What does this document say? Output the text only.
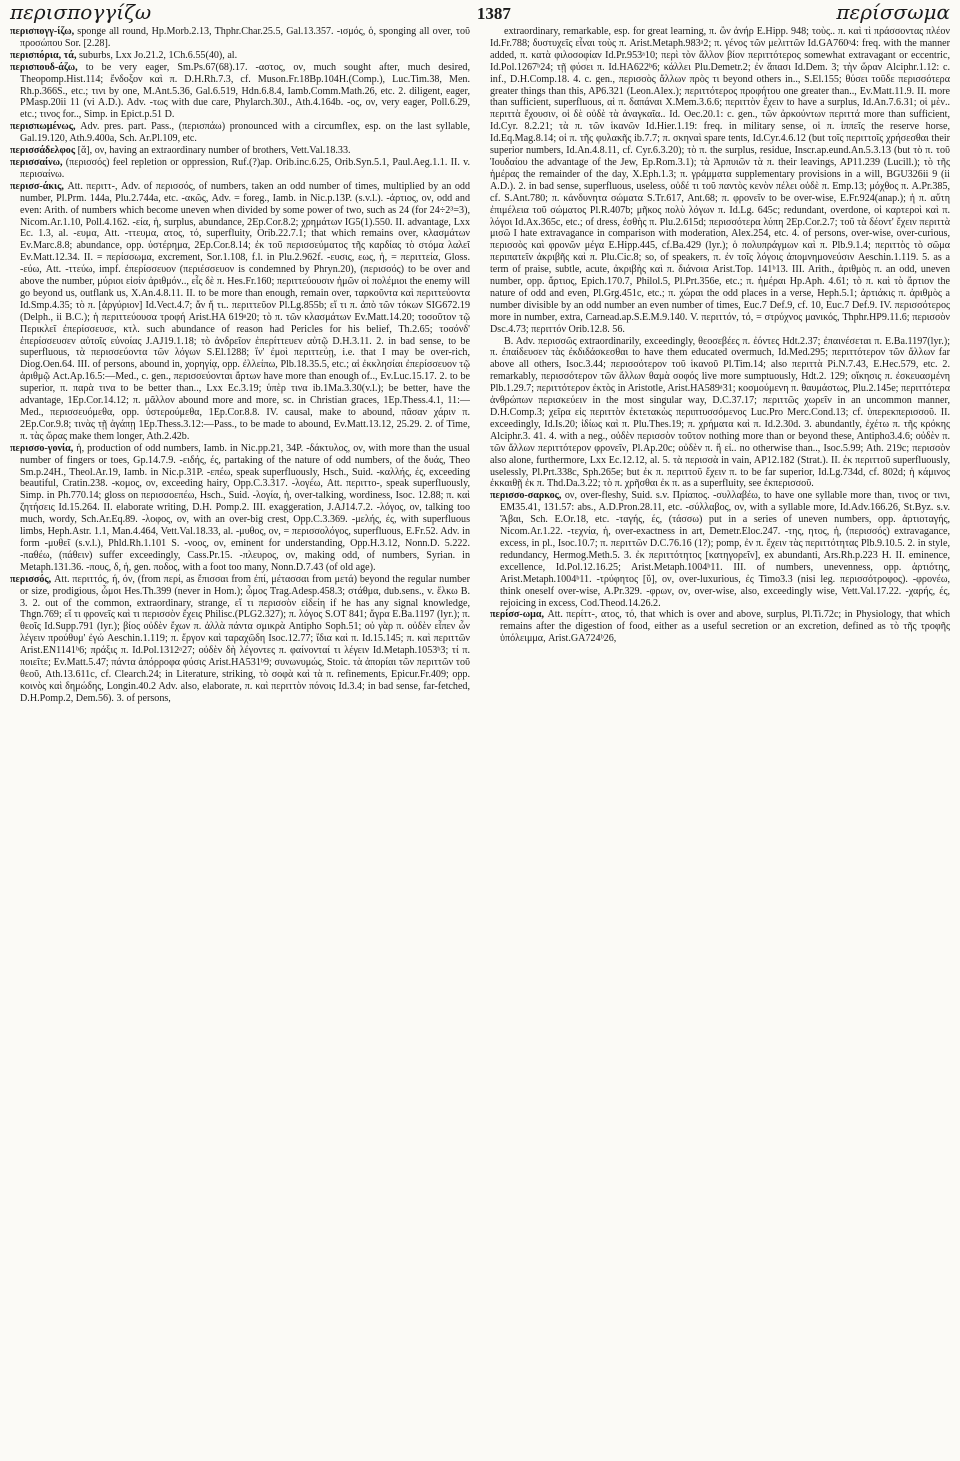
περισπογγίζω	1387	περίσσωμα

περισπογγ-ίζω, sponge all round, Hp.Morb.2.13, Thphr.Char.25.5, Gal.13.357. -ισμός, ὁ, sponging all over, τοῦ προσώπου Sor. [2.28].

περισπόρια, τά, suburbs, Lxx Jo.21.2, 1Ch.6.55(40), al.

περισπουδ-άζω, to be very eager, Sm.Ps.67(68).17. -αστος, ον, much sought after, much desired, Theopomp.Hist.114; ἔνδοξον καὶ π. D.H.Rh.7.3, cf. Muson.Fr.18Bp.104H.(Comp.), Luc.Tim.38, Men. Rh.p.366S., etc.; τινι by one, M.Ant.5.36, Gal.6.519, Hdn.6.8.4, Iamb.Comm.Math.26, etc. 2. diligent, eager, PMasp.20ii 11 (vi A.D.). Adv. -τως with due care, Phylarch.30J., Ath.4.164b. -ος, ον, very eager, Poll.6.29, etc.; τινος for.., Simp. in Epict.p.51 D.

περισπωμένως, Adv. pres. part. Pass., (περισπάω) pronounced with a circumflex, esp. on the last syllable, Gal.19.120, Ath.9.400a, Sch. Ar.Pl.109, etc.

περισσάδελφος [ᾰ], ον, having an extraordinary number of brothers, Vett.Val.18.33.

περισσαίνω, (περισσός) feel repletion or oppression, Ruf.(?)ap. Orib.inc.6.25, Orib.Syn.5.1, Paul.Aeg.1.1. II. v. περισαίνω.

περισσ-άκις, Att. περιττ-, Adv. of περισσός, of numbers, taken an odd number of times, multiplied by an odd number, Pl.Prm. 144a, Plu.2.744a, etc. -ακῶς, Adv. = foreg., Iamb. in Nic.p.13P. (s.v.l.). -άρτιος, ον, odd and even: Arith. of numbers which become uneven when divided by some power of two, such as 24 (for 24÷2³=3), Nicom.Ar.1.10, Poll.4.162. -εία, ἡ, surplus, abundance, 2Ep.Cor.8.2; χρημάτων IG5(1).550. II. advantage, Lxx Ec. 1.3, al. -ευμα, Att. -ττευμα, ατος, τό, superfluity, Orib.22.7.1; that which remains over, κλασμάτων Ev.Marc.8.8; abundance, opp. ὑστέρημα, 2Ep.Cor.8.14; ἐκ τοῦ περισσεύματος τῆς καρδίας τὸ στόμα λαλεῖ Ev.Matt.12.34. II. = περίσσωμα, excrement, Sor.1.108, f.l. in Plu.2.962f. -ευσις, εως, ἡ, = περιττεία, Gloss. -εύω, Att. -ττεύω, impf. ἐπερίσσευον (περιέσσευον is condemned by Phryn.20), (περισσός) to be over and above the number, μύριοι εἰσὶν ἀριθμόν.., εἷς δὲ π. Hes.Fr.160; περιττεύουσιν ἡμῶν οἱ πολέμιοι the enemy will go beyond us, outflank us, X.An.4.8.11. II. to be more than enough, remain over, ταρκοῦντα καὶ περιττεύοντα Id.Smp.4.35; τὸ π. [ἀργύριον] Id.Vect.4.7; ἄν ἤ τι.. περιττεῦον Pl.Lg.855b; εἴ τι π. ἀπὸ τῶν τόκων SIG672.19 (Delph., ii B.C.); ἡ περιττεύουσα τροφή Arist.HA 619ᵃ20; τὸ π. τῶν κλασμάτων Ev.Matt.14.20; τοσοῦτον τῷ Περικλεῖ ἐπερίσσευσε, κτλ. such abundance of reason had Pericles for his belief, Th.2.65; τοσόνδ' ἐπερίσσευσεν αὐτοῖς εὐνοίας J.AJ19.1.18; τὸ ἀνδρεῖον ἐπερίττευεν αὐτῷ D.H.3.11. 2. in bad sense, to be superfluous, τὰ περισσεύοντα τῶν λόγων S.El.1288; ἵν' ἐμοὶ περιττεύῃ, i.e. that I may be over-rich, Diog.Oen.64. III. of persons, abound in, χορηγίᾳ, opp. ἐλλείπω, Plb.18.35.5, etc.; αἱ ἐκκλησίαι ἐπερίσσευον τῷ ἀριθμῷ Act.Ap.16.5:—Med., c. gen., περισσεύονται ἄρτων have more than enough of.., Ev.Luc.15.17. 2. to be superior, π. παρὰ τινα to be better than.., Lxx Ec.3.19; ὑπὲρ τινα ib.1Ma.3.30(v.l.); be better, have the advantage, 1Ep.Cor.14.12; π. μᾶλλον abound more and more, sc. in Christian graces, 1Ep.Thess.4.1, 11:—Med., περισσευόμεθα, opp. ὑστερούμεθα, 1Ep.Cor.8.8. IV. causal, make to abound, πᾶσαν χάριν π. 2Ep.Cor.9.8; τινὰς τῇ ἀγάπῃ 1Ep.Thess.3.12:—Pass., to be made to abound, Ev.Matt.13.12, 25.29. 2. of Time, π. τὰς ὥρας make them longer, Ath.2.42b.

περισσο-γονία, ἡ, production of odd numbers, Iamb. in Nic.pp.21, 34P. -δάκτυλος, ον, with more than the usual number of fingers or toes, Gp.14.7.9. -ειδής, ές, partaking of the nature of odd numbers, of the δυάς, Theo Sm.p.24H., Theol.Ar.19, Iamb. in Nic.p.31P. -επέω, speak superfluously, Hsch., Suid. -καλλής, ές, exceeding beautiful, Cratin.238. -κομος, ον, exceeding hairy, Opp.C.3.317. -λογέω, Att. περιττο-, speak superfluously, Simp. in Ph.770.14; gloss on περισσοεπέω, Hsch., Suid. -λογία, ἡ, over-talking, wordiness, Isoc. 12.88; π. καὶ ζητήσεις Id.15.264. II. elaborate writing, D.H. Pomp.2. III. exaggeration, J.AJ14.7.2. -λόγος, ον, talking too much, wordy, Sch.Ar.Eq.89. -λοφος, ον, with an over-big crest, Opp.C.3.369. -μελής, ές, with superfluous limbs, Heph.Astr. 1.1, Man.4.464, Vett.Val.18.33, al. -μυθος, ον, = περισσολόγος, superfluous, E.Fr.52. Adv. in form -μυθεῖ (s.v.l.), Phld.Rh.1.101 S. -νοος, ον, eminent for understanding, Opp.H.3.12, Nonn.D. 5.222. -παθέω, (πάθειν) suffer exceedingly, Cass.Pr.15. -πλευρος, ον, making odd, of numbers, Syrian. in Metaph.131.36. -πους, δ, ἡ, gen. ποδος, with a foot too many, Nonn.D.7.43 (of old age).

περισσός, Att. περιττός, ή, όν, (from περί, as ἔπισσαι from ἐπί, μέτασσαι from μετά) beyond the regular number or size, prodigious, ὦμοι Hes.Th.399 (never in Hom.); ὦμος Trag.Adesp.458.3; στάθμα, dub.sens., v. ἕλκω B. 3. 2. out of the common, extraordinary, strange, εἴ τι περισσὸν εἰδείη if he has any signal knowledge, Thgn.769; εἴ τι φρονεῖς καὶ τι περισσὸν ἔχεις Philisc.(PLG2.327); π. λόγος S.OT 841; ἄγρα E.Ba.1197 (lyr.); π. θεοῖς Id.Supp.791 (lyr.); βίος οὐδὲν ἔχων π. ἀλλὰ πάντα σμικρὰ Antipho Soph.51; οὐ γὰρ π. οὐδὲν εἶπεν ὧν λέγειν προύθυμ' ἐγώ Aeschin.1.119; π. ἔργον καὶ ταραχῶδη Isoc.12.77; ἴδια καὶ π. Id.15.145; π. καὶ περιττῶν Arist.EN1141ᵇ6; πράξις π. Id.Pol.1312ᵃ27; οὐδὲν δὴ λέγοντες π. φαίνονταί τι λέγειν Id.Metaph.1053ᵇ3; τί π. ποιεῖτε; Ev.Matt.5.47; πάντα ἀπόρροφα φύσις Arist.HA531ᵇ9; συνωνυμώς, Stoic. τὰ ἀπορίαι τῶν περιττῶν τοῦ θεοῦ, Ath.13.611c, cf. Clearch.24; in Literature, striking, τὸ σοφὰ καὶ τὰ π. refinements, Epicur.Fr.409; opp. κοινὸς καὶ δημώδης, Longin.40.2 Adv. also, elaborate, π. καὶ περιττὸν πόνοις Id.3.4; in bad sense, far-fetched, D.H.Pomp.2, Dem.56). 3. of persons,

extraordinary, remarkable, esp. for great learning, π. ὢν ἀνήρ E.Hipp. 948; τοὺς.. π. καὶ τὶ πράσσοντας πλέον Id.Fr.788; δυστυχεῖς εἶναι τοὺς π. Arist.Metaph.983ᵃ2; π. γένος τῶν μελιττῶν Id.GA760ᵃ4: freq. with the manner added, π. κατὰ φιλοσοφίαν Id.Pr.953ᵃ10; περὶ τὸν ἄλλον βίον περιττότερος somewhat extravagant or eccentric, Id.Pol.1267ᵇ24; τῇ φύσει π. Id.HA622ᵇ6; κάλλει Plu.Demetr.2; ἐν ἅπασι Id.Dem. 3; τὴν ὥραν Alciphr.1.12: c. inf., D.H.Comp.18. 4. c. gen., περισσὸς ἄλλων πρὸς τι beyond others in.., S.El.155; θύσει τοῦδε περισσότερα greater things than this, AP6.321 (Leon.Alex.); περιττότερος προφήτου one greater than.., Ev.Matt.11.9. II. more than sufficient, superfluous, αἱ π. δαπάναι X.Mem.3.6.6; περιττὸν ἔχειν to have a surplus, Id.An.7.6.31; οἱ μὲν.. περιττὰ ἔχουσιν, οἱ δὲ οὐδὲ τὰ ἀναγκαῖα.. Id. Oec.20.1: c. gen., τῶν ἀρκούντων περιττά more than sufficient, Id.Cyr. 8.2.21; τὰ π. τῶν ἱκανῶν Id.Hier.1.19: freq. in military sense, οἱ π. ἱππεῖς the reserve horse, Id.Eq.Mag.8.14; οἱ π. τῆς φυλακῆς ib.7.7; π. σκηναὶ spare tents, Id.Cyr.4.6.12 (but τοῖς περιττοῖς χρήσεσθαι their superior numbers, Id.An.4.8.11, cf. Cyr.6.3.20); τὸ π. the surplus, residue, Inscr.ap.eund.An.5.3.13 (but τὸ π. τοῦ Ἰουδαίου the advantage of the Jew, Ep.Rom.3.1); τὰ Ἀρπυιῶν τὰ π. their leavings, AP11.239 (Lucill.); τὸ τῆς ἡμέρας the remainder of the day, X.Eph.1.3; π. γράμματα supplementary provisions in a will, BGU326ii 9 (ii A.D.). 2. in bad sense, superfluous, useless, οὐδέ τι τοῦ παντὸς κενὸν πέλει οὐδὲ π. Emp.13; μόχθος π. A.Pr.385, cf. S.Ant.780; π. κάνδυνητα σώματα S.Tr.617, Ant.68; π. φρονεῖν to be over-wise, E.Fr.924(anap.); ἡ π. αὕτη ἐπιμέλεια τοῦ σώματος Pl.R.407b; μῆκος πολὺ λόγων π. Id.Lg. 645c; redundant, overdone, οἱ καρτεροὶ καὶ π. λόγοι Id.Ax.365c, etc.; of dress, ἐσθὴς π. Plu.2.615d; περισσότερα λύπη 2Ep.Cor.2.7; τοῦ τὰ δέοντ' ἔχειν περιττὰ μισῶ I hate extravagance in comparison with moderation, Alex.254, etc. 4. of persons, over-wise, over-curious, περισσὸς καὶ φρονῶν μέγα E.Hipp.445, cf.Ba.429 (lyr.); ὁ πολυπράγμων καὶ π. Plb.9.1.4; περιττὸς τὸ σῶμα περιπατεῖν ἀκριβῆς καὶ π. Plu.Cic.8; so, of speakers, π. ἐν τοῖς λόγοις ἀπομνημονεύσιν Aeschin.1.119. 5. as a term of praise, subtle, acute, ἀκριβὴς καὶ π. διάνοια Arist.Top. 141ᵇ13. III. Arith., ἀριθμὸς π. an odd, uneven number, opp. ἄρτιος, Epich.170.7, Philol.5, Pl.Prt.356e, etc.; π. ἡμέραι Hp.Aph. 4.61; τὸ π. καὶ τὸ ἄρτιον the nature of odd and even, Pl.Grg.451c, etc.; π. χώραι the odd places in a verse, Heph.5.1; ἀρτιάκις π. ἀριθμὸς a number divisible by an odd number an even number of times, Euc.7 Def.9, cf. 10, Euc.7 Def.9. IV. περισσότερος more in number, extra, Carnead.ap.S.E.M.9.140. V. περιττόν, τό, = στρύχνος μανικός, Thphr.HP9.11.6; περισσὸν Dsc.4.73; περιττόν Orib.12.8. 56.

B. Adv. περισσῶς extraordinarily, exceedingly, θεοσεβέες π. ἐόντες Hdt.2.37; ἐπαινέσεται π. E.Ba.1197(lyr.); π. ἐπαίδευσεν τὰς ἐκδιδάσκεσθαι to have them educated overmuch, Id.Med.295; περιττότερον τῶν ἄλλων far above all others, Isoc.3.44; περισσότερον τοῦ ἱκανοῦ Pl.Tim.14; also περιττὰ Pi.N.7.43, E.Hec.579, etc. 2. remarkably, περισσότερον τῶν ἄλλων θαμὰ σοφός live more sumptuously, Hdt.2. 129; οἴκησις π. ἐσκευασμένη Plb.1.29.7; περιττότερον ἐκτὸς in Aristotle, Arist.HA589ᵃ31; κοσμούμενη π. θαυμάστως, Plu.2.145e; περιττότερα ἀνθρώπων περισκεύειν in the most singular way, D.C.37.17; περιττῶς χωρεῖν in an uncommon manner, D.H.Comp.3; χεῖρα εἰς περιττὸν ἐκτετακὼς περιπτυσσόμενος Luc.Pro Merc.Cond.13; cf. ὑπερεκπερισσοῦ. II. exceedingly, Id.Is.20; ἰδίως καὶ π. Plu.Thes.19; π. χρήματα καὶ π. Id.2.30d. 3. abundantly, ἐχέτω π. τῆς κρόκης Alciphr.3. 41. 4. with a neg., οὐδὲν περισσὸν τοῦτον nothing more than or beyond these, Antipho3.4.6; οὐδὲν π. τῶν ἄλλων περιττότερον φρονεῖν, Pl.Ap.20c; οὐδὲν π. ἢ εἰ.. no otherwise than.., Isoc.5.99; Ath. 219c; περισσὸν also alone, furthermore, Lxx Ec.12.12, al. 5. τὰ περισσὰ in vain, AP12.182 (Strat.). II. ἐκ περιττοῦ superfluously, uselessly, Pl.Prt.338c, Sph.265e; but ἐκ π. περιττοῦ ἔχειν π. to be far superior, Id.Lg.734d, cf. 802d; ἡ κάμινος ἐκκαιθῇ ἐκ π. Thd.Da.3.22; τὸ π. χρῆσθαι ἐκ π. as a superfluity, see ἐκπερισσοῦ.

περισσο-σαρκος, ον, over-fleshy, Suid. s.v. Πρίαπος. -συλλαβέω, to have one syllable more than, τινος or τινι, EM35.41, 131.57: abs., A.D.Pron.28.11, etc. -σύλλαβος, ον, with a syllable more, Id.Adv.166.26, St.Byz. s.v. Ἄβαι, Sch. E.Or.18, etc. -ταγής, ές, (τάσσω) put in a series of uneven numbers, opp. ἀρτιοταγής, Nicom.Ar.1.22. -τεχνία, ἡ, over-exactness in art, Demetr.Eloc.247. -της, ητος, ἡ, (περισσός) extravagance, excess, in pl., Isoc.10.7; π. περιττῶν D.C.76.16 (1?); pomp, ἐν π. ἔχειν τὰς περιττότητας Plb.9.10.5. 2. in style, redundancy, Hermog.Meth.5. 3. ἐκ περιττότητος [κατηγορεῖν], ex abundanti, Ars.Rh.p.223 H. II. eminence, excellence, Id.Pol.12.16.25; Arist.Metaph.1004ᵇ11. III. of numbers, unevenness, opp. ἀρτιότης, Arist.Metaph.1004ᵇ11. -τρύφητος [ῠ], ον, over-luxurious, ἐς Timo3.3 (nisi leg. περισσότροφος). -φρονέω, think oneself over-wise, A.Pr.329. -φρων, ον, over-wise, also, exceedingly wise, Vett.Val.17.22. -χαρής, ές, rejoicing in excess, Cod.Theod.14.26.2.

περίσσ-ωμα, Att. περίττ-, ατος, τό, that which is over and above, surplus, Pl.Ti.72c; in Physiology, that which remains after the digestion of food, either as a useful secretion or an excretion, defined as τὸ τῆς τροφῆς ὑπόλειμμα, Arist.GA724ᵇ26,
